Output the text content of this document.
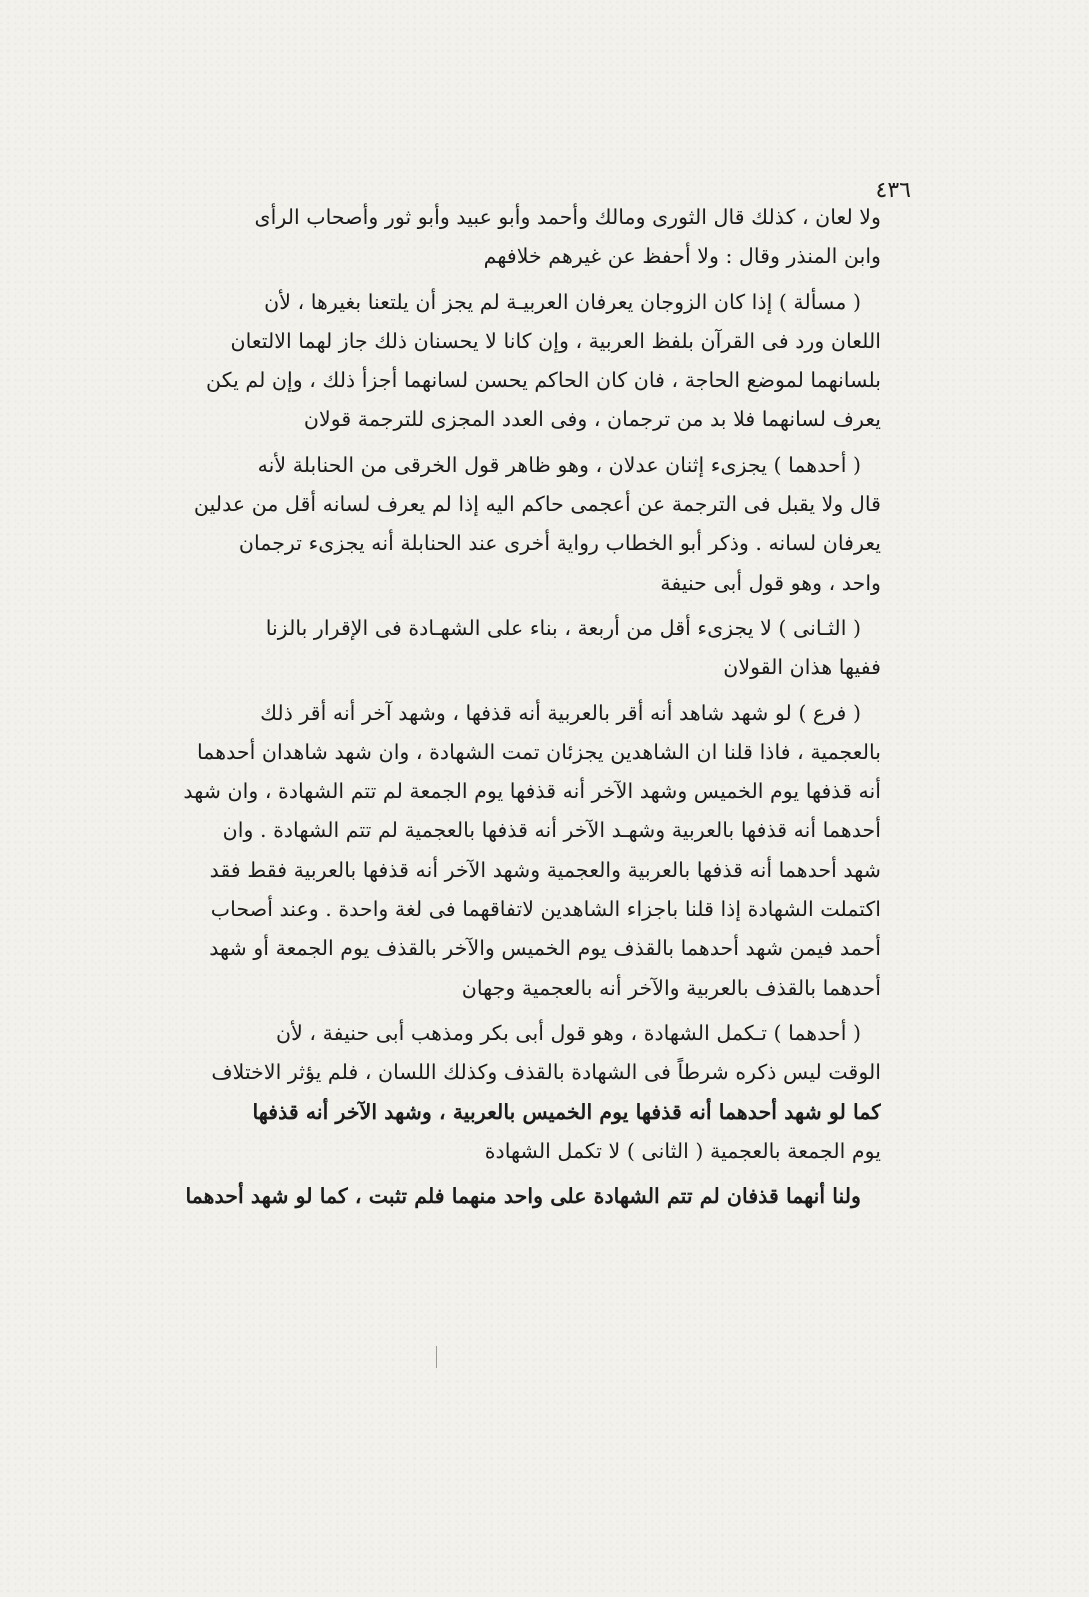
٤٣٦
ولا لعان ، كذلك قال الثورى ومالك وأحمد وأبو عبيد وأبو ثور وأصحاب الرأى
وابن المنذر وقال : ولا أحفظ عن غيرهم خلافهم
( مسألة ) إذا كان الزوجان يعرفان العربيـة لم يجز أن يلتعنا بغيرها ، لأن
اللعان ورد فى القرآن بلفظ العربية ، وإن كانا لا يحسنان ذلك جاز لهما الالتعان
بلسانهما لموضع الحاجة ، فان كان الحاكم يحسن لسانهما أجزأ ذلك ، وإن لم يكن
يعرف لسانهما فلا بد من ترجمان ، وفى العدد المجزى للترجمة قولان
( أحدهما ) يجزىء إثنان عدلان ، وهو ظاهر قول الخرقى من الحنابلة لأنه
قال ولا يقبل فى الترجمة عن أعجمى حاكم اليه إذا لم يعرف لسانه أقل من عدلين
يعرفان لسانه . وذكر أبو الخطاب رواية أخرى عند الحنابلة أنه يجزىء ترجمان
واحد ، وهو قول أبى حنيفة
( الثـانى ) لا يجزىء أقل من أربعة ، بناء على الشهـادة فى الإقرار بالزنا
ففيها هذان القولان
( فرع ) لو شهد شاهد أنه أقر بالعربية أنه قذفها ، وشهد آخر أنه أقر ذلك
بالعجمية ، فاذا قلنا ان الشاهدين يجزئان تمت الشهادة ، وان شهد شاهدان أحدهما
أنه قذفها يوم الخميس وشهد الآخر أنه قذفها يوم الجمعة لم تتم الشهادة ، وان شهد
أحدهما أنه قذفها بالعربية وشهـد الآخر أنه قذفها بالعجمية لم تتم الشهادة . وان
شهد أحدهما أنه قذفها بالعربية والعجمية وشهد الآخر أنه قذفها بالعربية فقط فقد
اكتملت الشهادة إذا قلنا باجزاء الشاهدين لاتفاقهما فى لغة واحدة . وعند أصحاب
أحمد فيمن شهد أحدهما بالقذف يوم الخميس والآخر بالقذف يوم الجمعة أو شهد
أحدهما بالقذف بالعربية والآخر أنه بالعجمية وجهان
( أحدهما ) تـكمل الشهادة ، وهو قول أبى بكر ومذهب أبى حنيفة ، لأن
الوقت ليس ذكره شرطاً فى الشهادة بالقذف وكذلك اللسان ، فلم يؤثر الاختلاف
كما لو شهد أحدهما أنه قذفها يوم الخميس بالعربية ، وشهد الآخر أنه قذفها
يوم الجمعة بالعجمية ( الثانى ) لا تكمل الشهادة
ولنا أنهما قذفان لم تتم الشهادة على واحد منهما فلم تثبت ، كما لو شهد أحدهما
